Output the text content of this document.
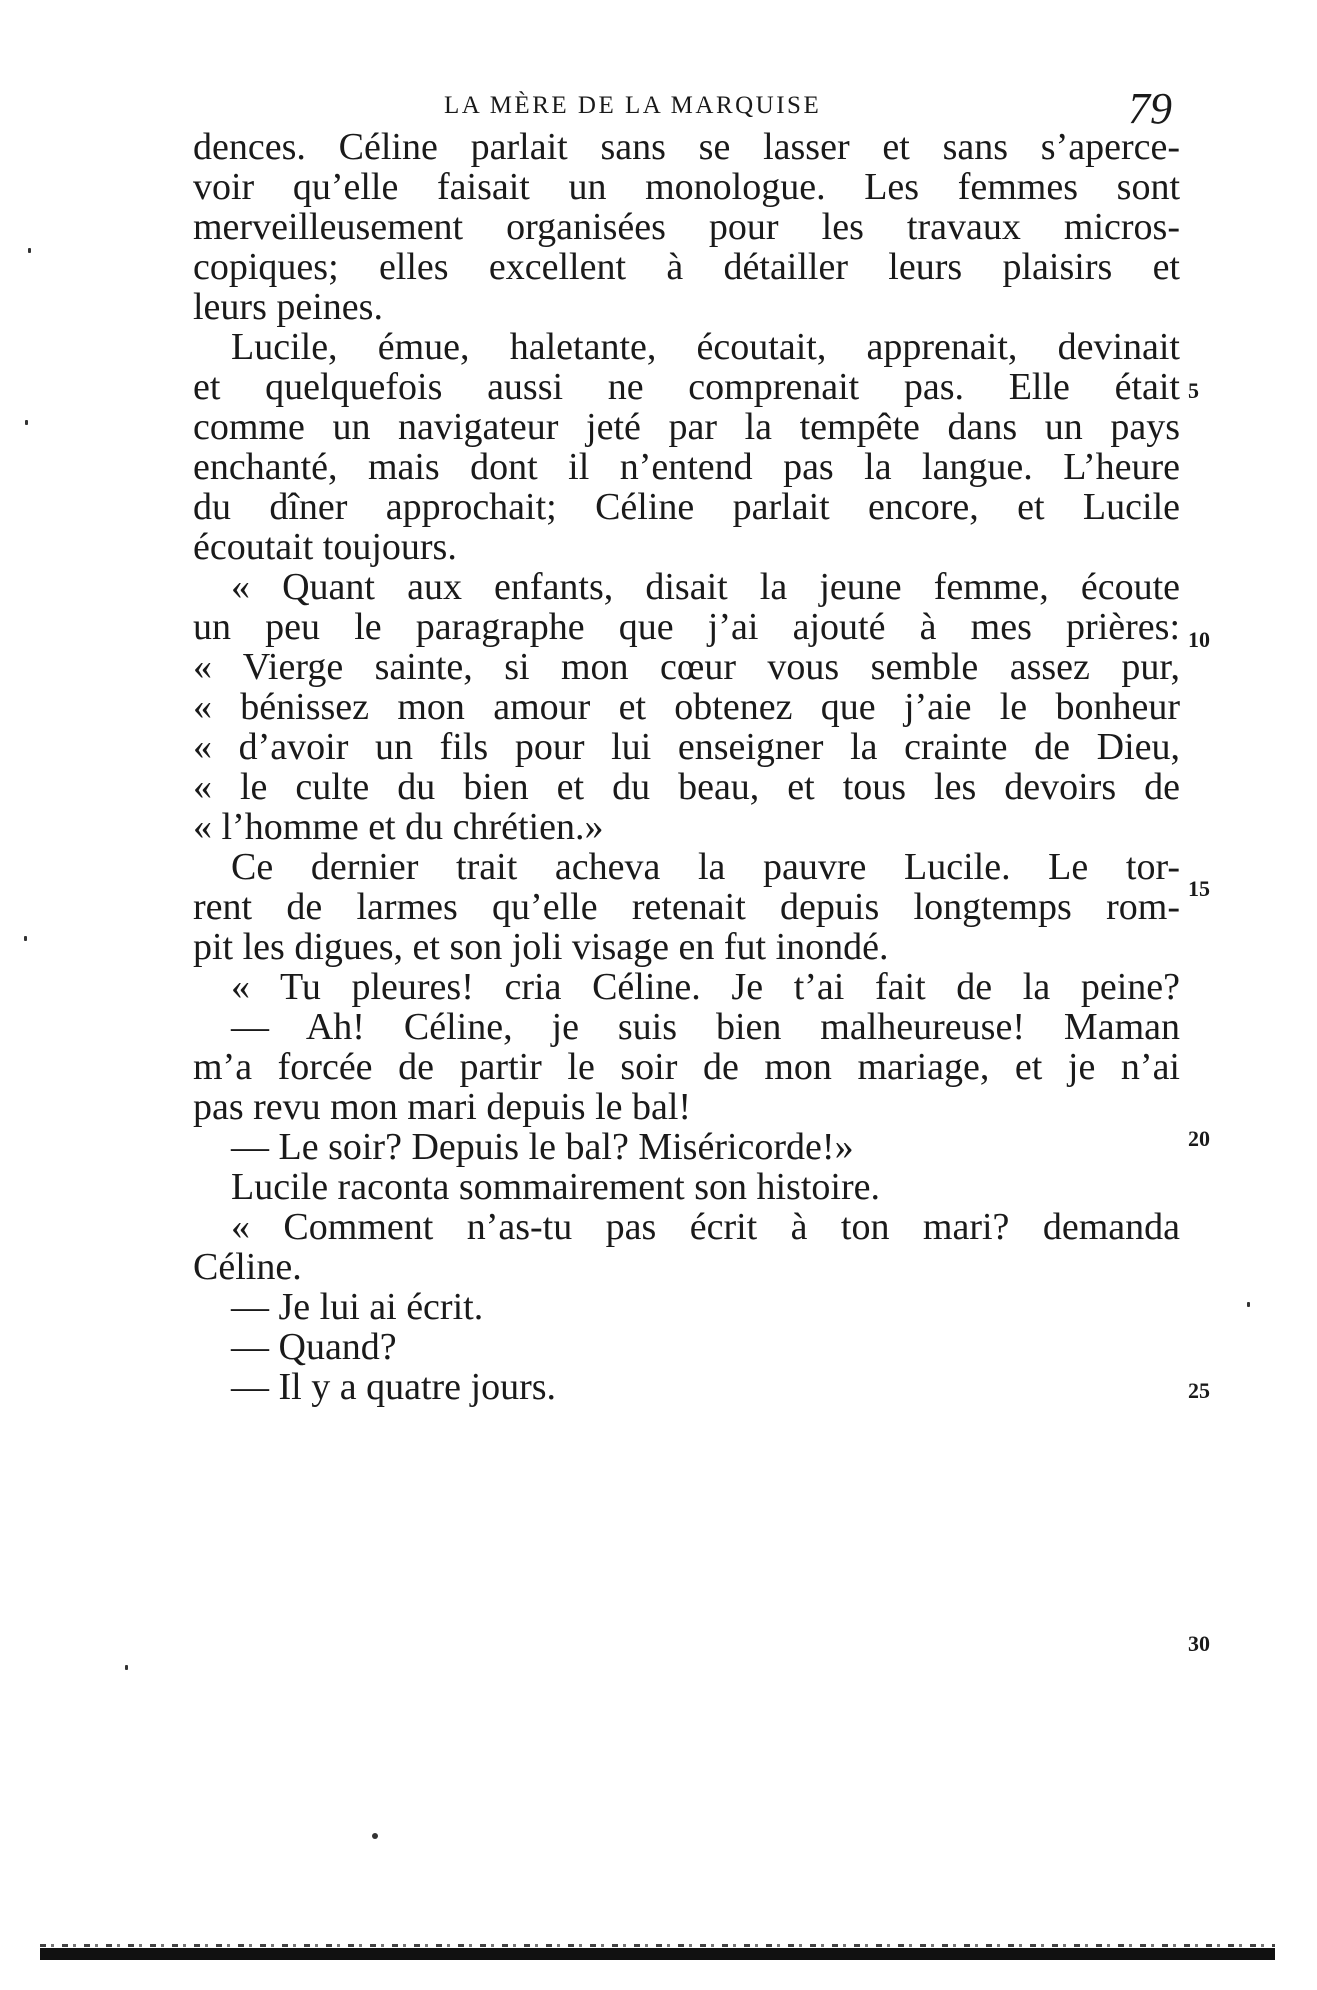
LA MÈRE DE LA MARQUISE	79
dences. Céline parlait sans se lasser et sans s’aperce-
voir qu’elle faisait un monologue. Les femmes sont
merveilleusement organisées pour les travaux micros-
copiques; elles excellent à détailler leurs plaisirs et
leurs peines.
Lucile, émue, haletante, écoutait, apprenait, devinait
et quelquefois aussi ne comprenait pas. Elle était
comme un navigateur jeté par la tempête dans un pays
enchanté, mais dont il n’entend pas la langue. L’heure
du dîner approchait; Céline parlait encore, et Lucile
écoutait toujours.
« Quant aux enfants, disait la jeune femme, écoute
un peu le paragraphe que j’ai ajouté à mes prières:
« Vierge sainte, si mon cœur vous semble assez pur,
« bénissez mon amour et obtenez que j’aie le bonheur
« d’avoir un fils pour lui enseigner la crainte de Dieu,
« le culte du bien et du beau, et tous les devoirs de
« l’homme et du chrétien.»
Ce dernier trait acheva la pauvre Lucile. Le tor-
rent de larmes qu’elle retenait depuis longtemps rom-
pit les digues, et son joli visage en fut inondé.
« Tu pleures! cria Céline. Je t’ai fait de la peine?
— Ah! Céline, je suis bien malheureuse! Maman
m’a forcée de partir le soir de mon mariage, et je n’ai
pas revu mon mari depuis le bal!
— Le soir? Depuis le bal? Miséricorde!»
Lucile raconta sommairement son histoire.
« Comment n’as-tu pas écrit à ton mari? demanda
Céline.
— Je lui ai écrit.
— Quand?
— Il y a quatre jours.
5
10
15
20
25
30
